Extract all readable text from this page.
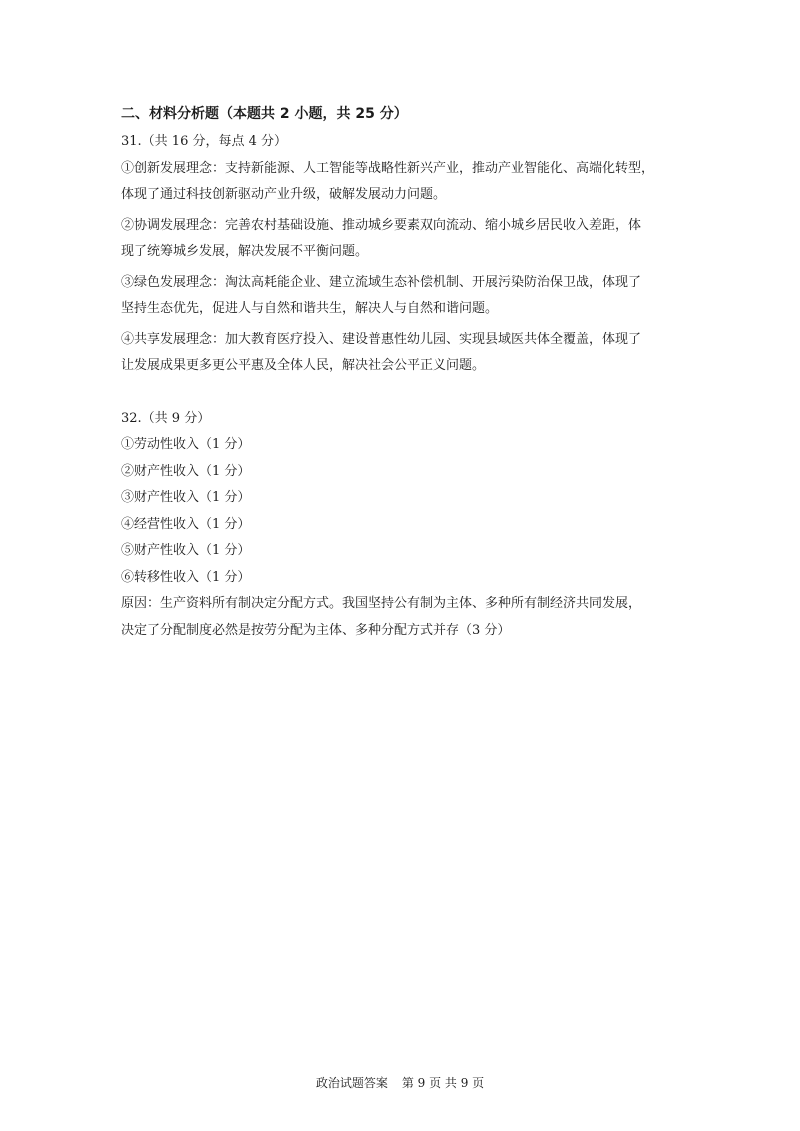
二、材料分析题（本题共 2 小题，共 25 分）
31.（共 16 分，每点 4 分）
①创新发展理念：支持新能源、人工智能等战略性新兴产业，推动产业智能化、高端化转型，
体现了通过科技创新驱动产业升级，破解发展动力问题。
②协调发展理念：完善农村基础设施、推动城乡要素双向流动、缩小城乡居民收入差距，体
现了统筹城乡发展，解决发展不平衡问题。
③绿色发展理念：淘汰高耗能企业、建立流域生态补偿机制、开展污染防治保卫战，体现了
坚持生态优先，促进人与自然和谐共生，解决人与自然和谐问题。
④共享发展理念：加大教育医疗投入、建设普惠性幼儿园、实现县域医共体全覆盖，体现了
让发展成果更多更公平惠及全体人民，解决社会公平正义问题。
32.（共 9 分）
①劳动性收入（1 分）
②财产性收入（1 分）
③财产性收入（1 分）
④经营性收入（1 分）
⑤财产性收入（1 分）
⑥转移性收入（1 分）
原因：生产资料所有制决定分配方式。我国坚持公有制为主体、多种所有制经济共同发展，
决定了分配制度必然是按劳分配为主体、多种分配方式并存（3 分）
政治试题答案 第 9 页 共 9 页
